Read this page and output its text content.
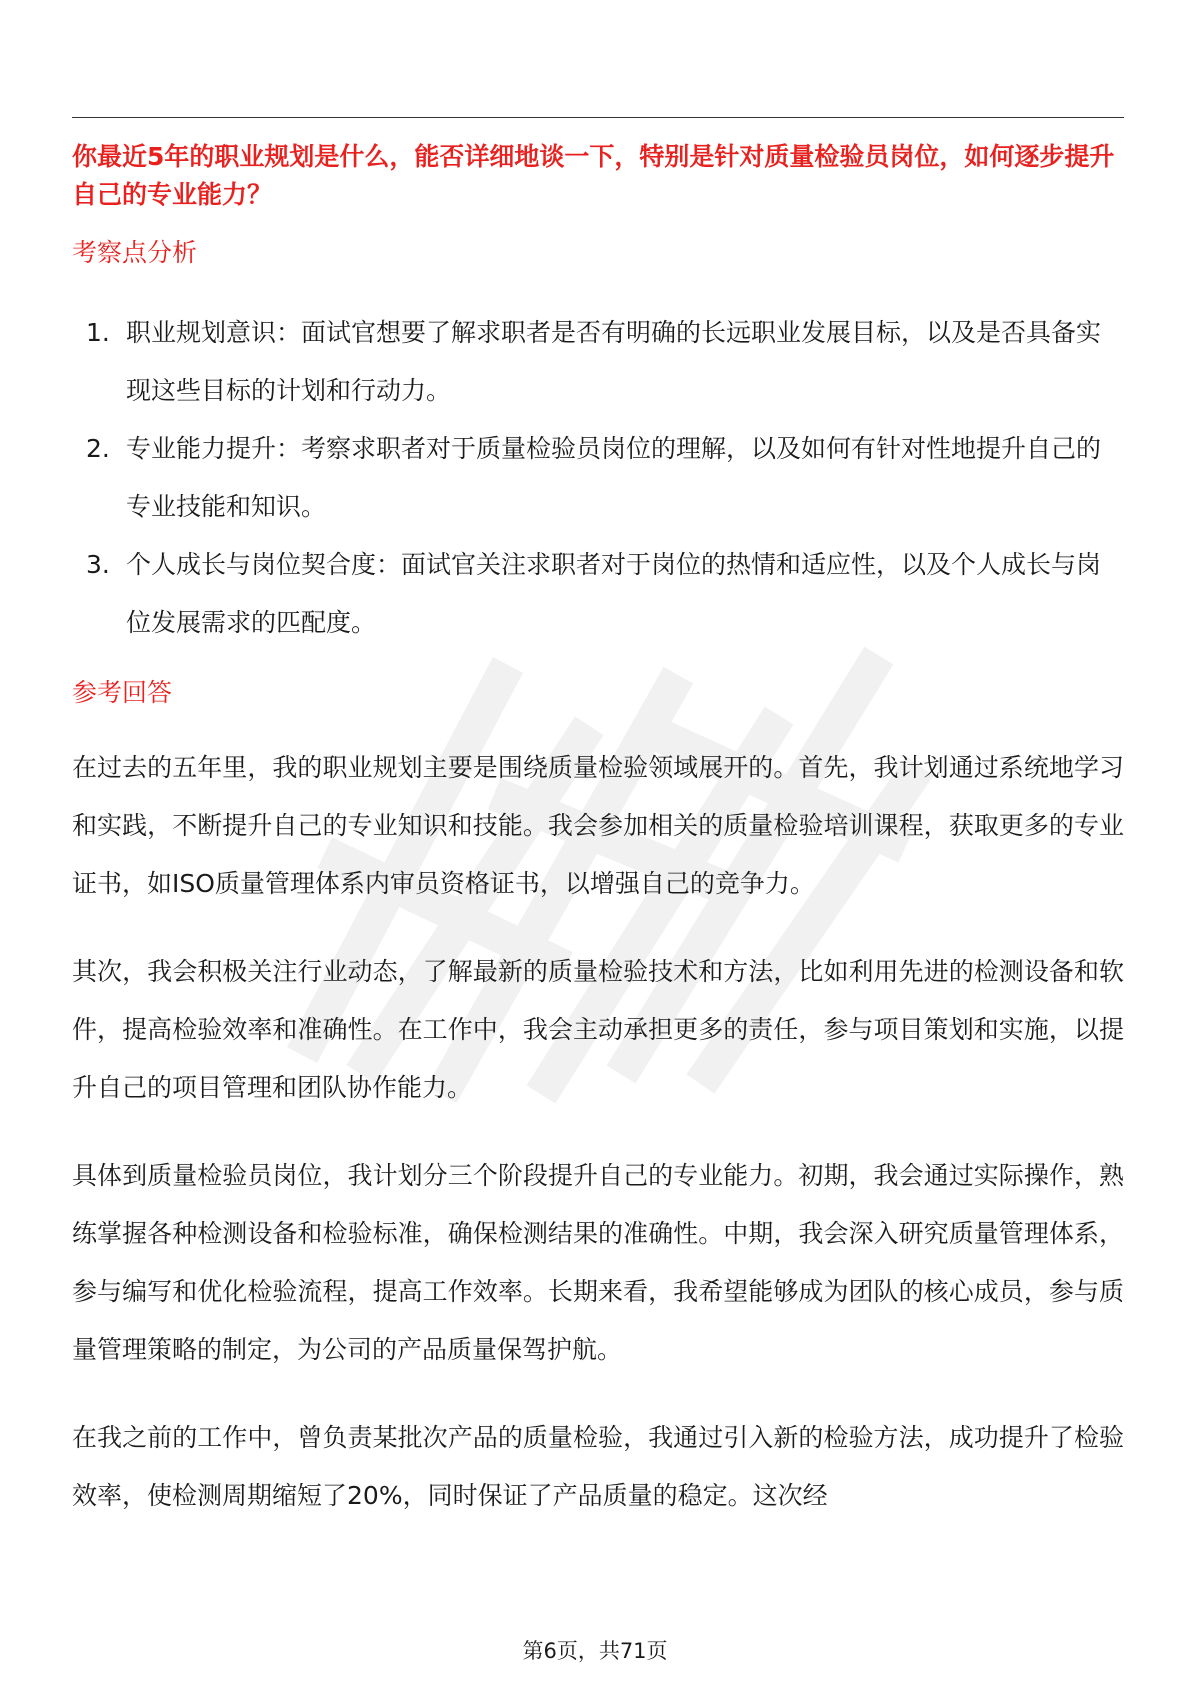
你最近5年的职业规划是什么，能否详细地谈一下，特别是针对质量检验员岗位，如何逐步提升自己的专业能力？

考察点分析
1. 职业规划意识：面试官想要了解求职者是否有明确的长远职业发展目标，以及是否具备实现这些目标的计划和行动力。
2. 专业能力提升：考察求职者对于质量检验员岗位的理解，以及如何有针对性地提升自己的专业技能和知识。
3. 个人成长与岗位契合度：面试官关注求职者对于岗位的热情和适应性，以及个人成长与岗位发展需求的匹配度。
参考回答

在过去的五年里，我的职业规划主要是围绕质量检验领域展开的。首先，我计划通过系统地学习和实践，不断提升自己的专业知识和技能。我会参加相关的质量检验培训课程，获取更多的专业证书，如ISO质量管理体系内审员资格证书，以增强自己的竞争力。

其次，我会积极关注行业动态，了解最新的质量检验技术和方法，比如利用先进的检测设备和软件，提高检验效率和准确性。在工作中，我会主动承担更多的责任，参与项目策划和实施，以提升自己的项目管理和团队协作能力。

具体到质量检验员岗位，我计划分三个阶段提升自己的专业能力。初期，我会通过实际操作，熟练掌握各种检测设备和检验标准，确保检测结果的准确性。中期，我会深入研究质量管理体系，参与编写和优化检验流程，提高工作效率。长期来看，我希望能够成为团队的核心成员，参与质量管理策略的制定，为公司的产品质量保驾护航。

在我之前的工作中，曾负责某批次产品的质量检验，我通过引入新的检验方法，成功提升了检验效率，使检测周期缩短了20%，同时保证了产品质量的稳定。这次经

第6页，共71页
